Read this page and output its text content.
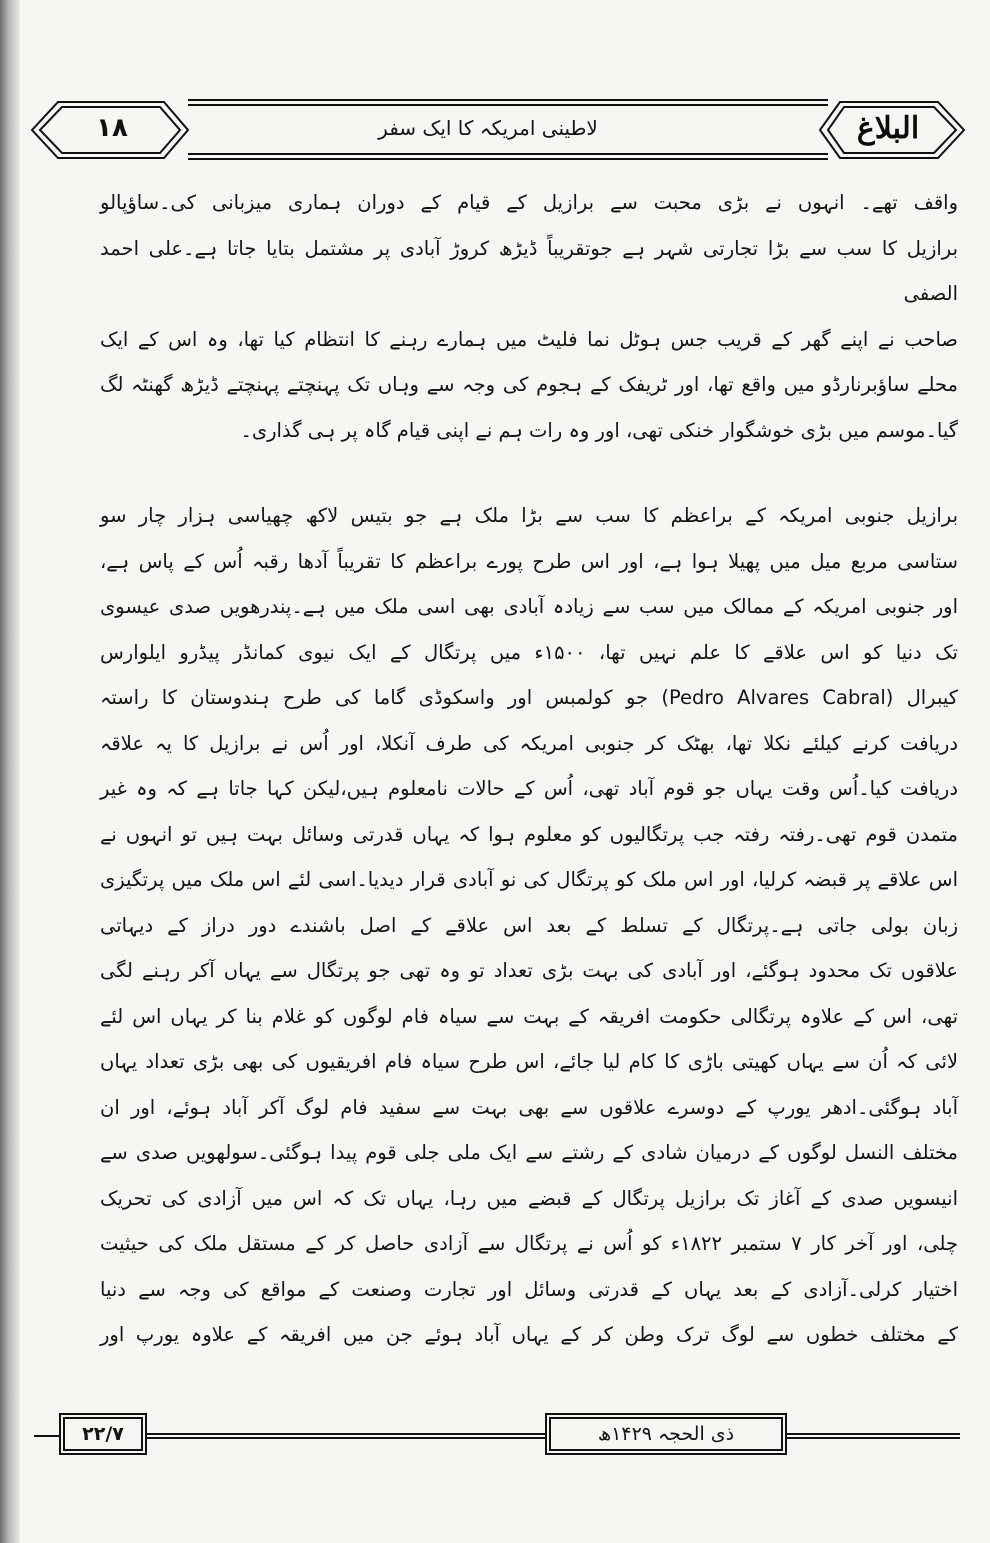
۱۸	لاطینی امریکہ کا ایک سفر	البلاغ

واقف تھے۔ انہوں نے بڑی محبت سے برازیل کے قیام کے دوران ہماری میزبانی کی۔ساؤپالو

برازیل کا سب سے بڑا تجارتی شہر ہے جوتقریباً ڈیڑھ کروڑ آبادی پر مشتمل بتایا جاتا ہے۔علی احمد الصفی

صاحب نے اپنے گھر کے قریب جس ہوٹل نما فلیٹ میں ہمارے رہنے کا انتظام کیا تھا، وہ اس کے ایک

محلے ساؤبرنارڈو میں واقع تھا، اور ٹریفک کے ہجوم کی وجہ سے وہاں تک پہنچتے پہنچتے ڈیڑھ گھنٹہ لگ

گیا۔موسم میں بڑی خوشگوار خنکی تھی، اور وہ رات ہم نے اپنی قیام گاہ پر ہی گذاری۔

برازیل جنوبی امریکہ کے براعظم کا سب سے بڑا ملک ہے جو بتیس لاکھ چھیاسی ہزار چار سو

ستاسی مربع میل میں پھیلا ہوا ہے، اور اس طرح پورے براعظم کا تقریباً آدھا رقبہ اُس کے پاس ہے،

اور جنوبی امریکہ کے ممالک میں سب سے زیادہ آبادی بھی اسی ملک میں ہے۔پندرھویں صدی عیسوی

تک دنیا کو اس علاقے کا علم نہیں تھا، ۱۵۰۰ء میں پرتگال کے ایک نیوی کمانڈر پیڈرو ایلوارس

کیبرال (Pedro Alvares Cabral) جو کولمبس اور واسکوڈی گاما کی طرح ہندوستان کا راستہ

دریافت کرنے کیلئے نکلا تھا، بھٹک کر جنوبی امریکہ کی طرف آنکلا، اور اُس نے برازیل کا یہ علاقہ

دریافت کیا۔اُس وقت یہاں جو قوم آباد تھی، اُس کے حالات نامعلوم ہیں،لیکن کہا جاتا ہے کہ وہ غیر

متمدن قوم تھی۔رفتہ رفتہ جب پرتگالیوں کو معلوم ہوا کہ یہاں قدرتی وسائل بہت ہیں تو انہوں نے

اس علاقے پر قبضہ کرلیا، اور اس ملک کو پرتگال کی نو آبادی قرار دیدیا۔اسی لئے اس ملک میں پرتگیزی

زبان بولی جاتی ہے۔پرتگال کے تسلط کے بعد اس علاقے کے اصل باشندے دور دراز کے دیہاتی

علاقوں تک محدود ہوگئے، اور آبادی کی بہت بڑی تعداد تو وہ تھی جو پرتگال سے یہاں آکر رہنے لگی

تھی، اس کے علاوہ پرتگالی حکومت افریقہ کے بہت سے سیاہ فام لوگوں کو غلام بنا کر یہاں اس لئے

لائی کہ اُن سے یہاں کھیتی باڑی کا کام لیا جائے، اس طرح سیاہ فام افریقیوں کی بھی بڑی تعداد یہاں

آباد ہوگئی۔ادھر یورپ کے دوسرے علاقوں سے بھی بہت سے سفید فام لوگ آکر آباد ہوئے، اور ان

مختلف النسل لوگوں کے درمیان شادی کے رشتے سے ایک ملی جلی قوم پیدا ہوگئی۔سولھویں صدی سے

انیسویں صدی کے آغاز تک برازیل پرتگال کے قبضے میں رہا، یہاں تک کہ اس میں آزادی کی تحریک

چلی، اور آخر کار ۷ ستمبر ۱۸۲۲ء کو اُس نے پرتگال سے آزادی حاصل کر کے مستقل ملک کی حیثیت

اختیار کرلی۔آزادی کے بعد یہاں کے قدرتی وسائل اور تجارت وصنعت کے مواقع کی وجہ سے دنیا

کے مختلف خطوں سے لوگ ترک وطن کر کے یہاں آباد ہوئے جن میں افریقہ کے علاوہ یورپ اور

۲۲/۷	ذی الحجہ ۱۴۲۹ھ
